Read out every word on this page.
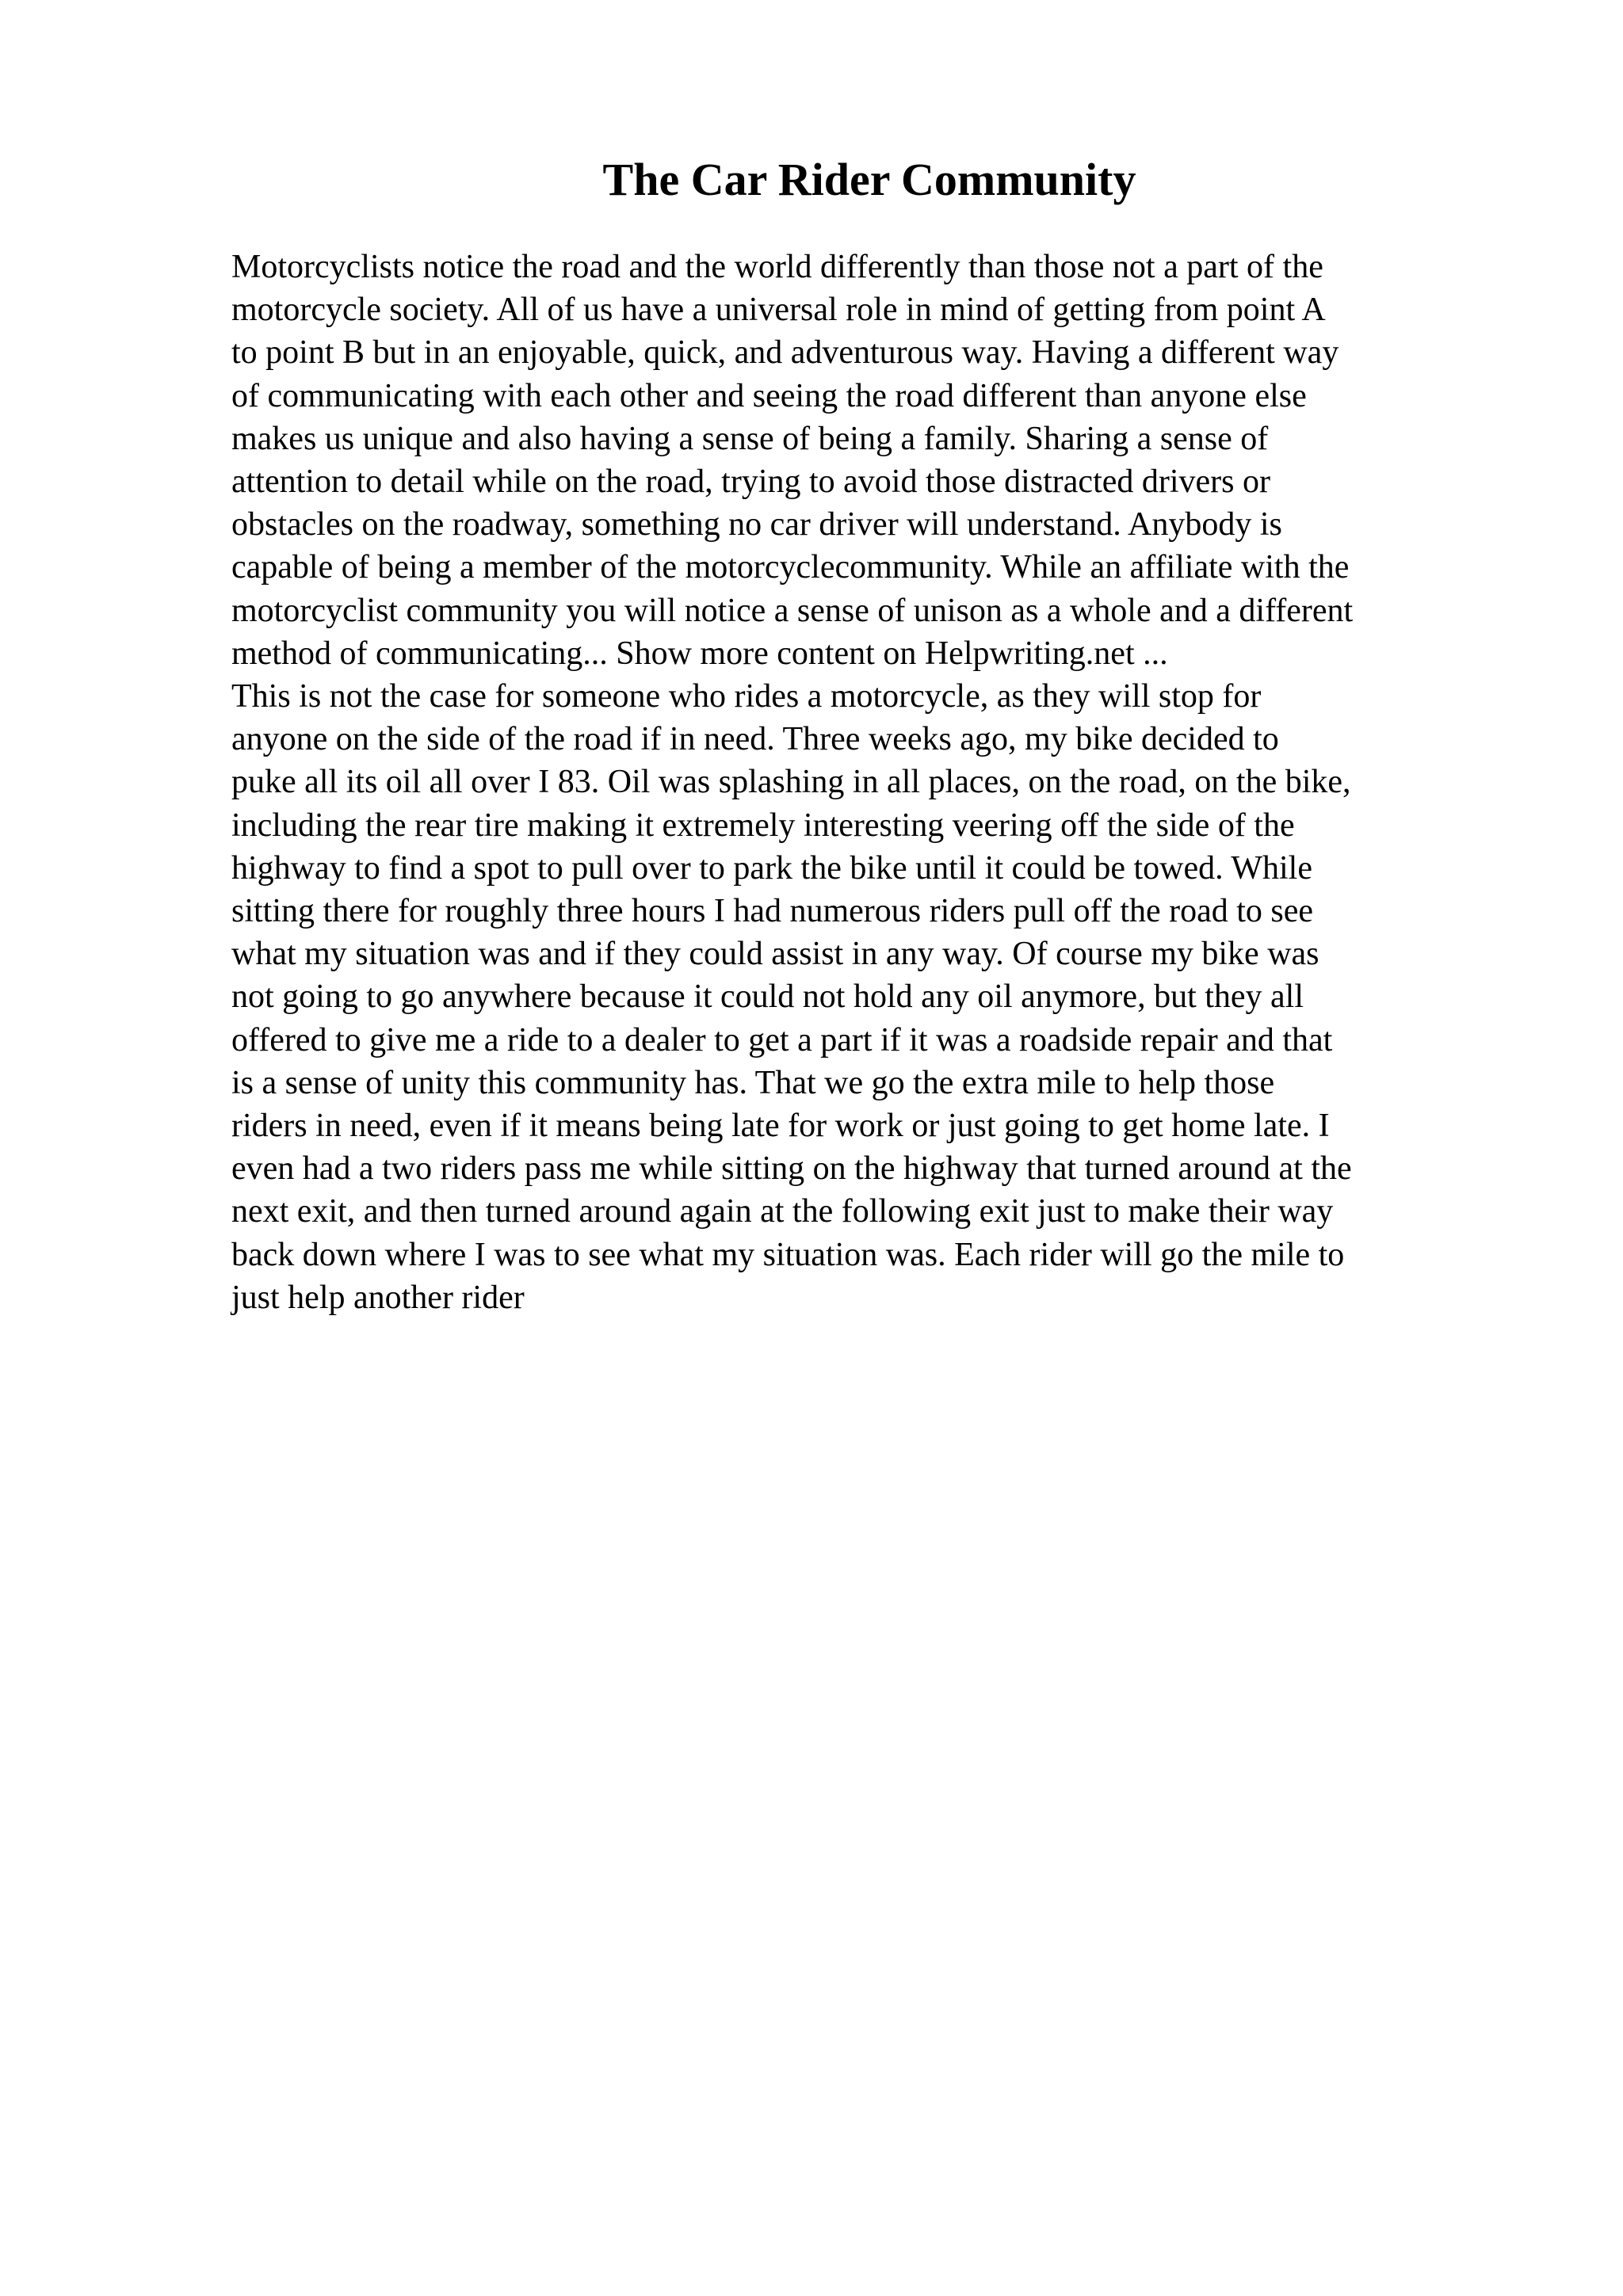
The Car Rider Community
Motorcyclists notice the road and the world differently than those not a part of the
motorcycle society. All of us have a universal role in mind of getting from point A
to point B but in an enjoyable, quick, and adventurous way. Having a different way
of communicating with each other and seeing the road different than anyone else
makes us unique and also having a sense of being a family. Sharing a sense of
attention to detail while on the road, trying to avoid those distracted drivers or
obstacles on the roadway, something no car driver will understand. Anybody is
capable of being a member of the motorcyclecommunity. While an affiliate with the
motorcyclist community you will notice a sense of unison as a whole and a different
method of communicating... Show more content on Helpwriting.net ...
This is not the case for someone who rides a motorcycle, as they will stop for
anyone on the side of the road if in need. Three weeks ago, my bike decided to
puke all its oil all over I 83. Oil was splashing in all places, on the road, on the bike,
including the rear tire making it extremely interesting veering off the side of the
highway to find a spot to pull over to park the bike until it could be towed. While
sitting there for roughly three hours I had numerous riders pull off the road to see
what my situation was and if they could assist in any way. Of course my bike was
not going to go anywhere because it could not hold any oil anymore, but they all
offered to give me a ride to a dealer to get a part if it was a roadside repair and that
is a sense of unity this community has. That we go the extra mile to help those
riders in need, even if it means being late for work or just going to get home late. I
even had a two riders pass me while sitting on the highway that turned around at the
next exit, and then turned around again at the following exit just to make their way
back down where I was to see what my situation was. Each rider will go the mile to
just help another rider
